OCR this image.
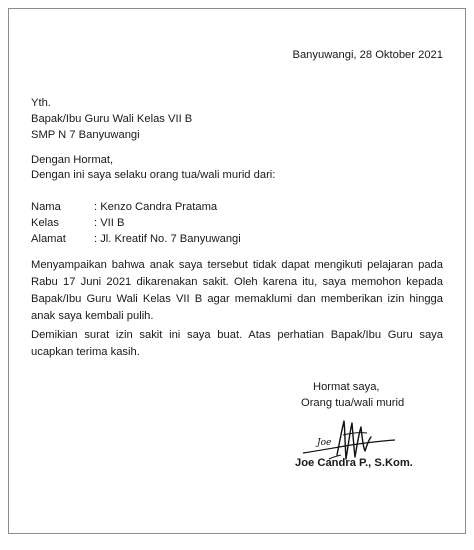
Banyuwangi, 28 Oktober 2021
Yth.
Bapak/Ibu Guru Wali Kelas VII B
SMP N 7 Banyuwangi
Dengan Hormat,
Dengan ini saya selaku orang tua/wali murid dari:
Nama	: Kenzo Candra Pratama
Kelas	: VII B
Alamat	: Jl. Kreatif No. 7 Banyuwangi
Menyampaikan bahwa anak saya tersebut tidak dapat mengikuti pelajaran pada Rabu 17 Juni 2021 dikarenakan sakit. Oleh karena itu, saya memohon kepada Bapak/Ibu Guru Wali Kelas VII B agar memaklumi dan memberikan izin hingga anak saya kembali pulih.
Demikian surat izin sakit ini saya buat. Atas perhatian Bapak/Ibu Guru saya ucapkan terima kasih.
Hormat saya,
Orang tua/wali murid
Joe
Joe Candra P., S.Kom.
